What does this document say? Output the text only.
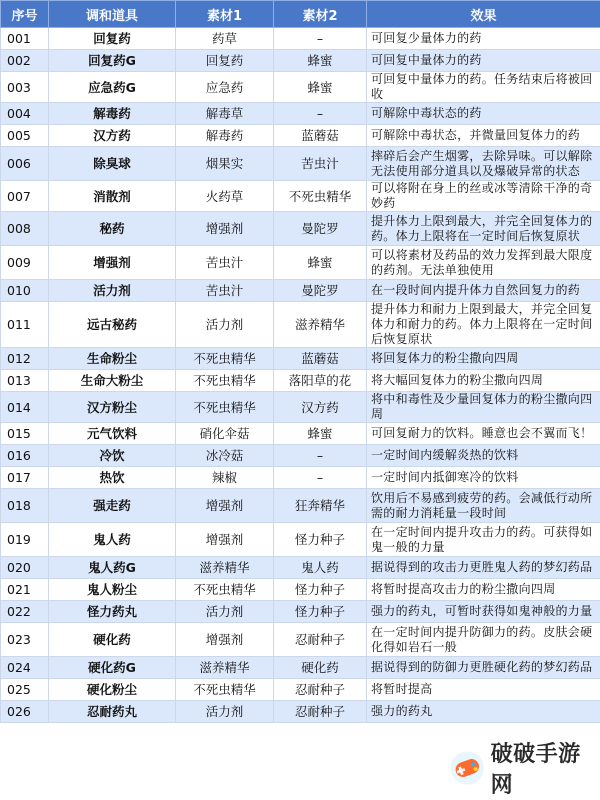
序号	调和道具	素材1	素材2	效果
001	回复药	药草	–	可回复少量体力的药
002	回复药G	回复药	蜂蜜	可回复中量体力的药
003	应急药G	应急药	蜂蜜	可回复中量体力的药。任务结束后将被回收
004	解毒药	解毒草	–	可解除中毒状态的药
005	汉方药	解毒药	蓝蘑菇	可解除中毒状态，并微量回复体力的药
006	除臭球	烟果实	苦虫汁	摔碎后会产生烟雾，去除异味。可以解除无法使用部分道具以及爆破异常的状态
007	消散剂	火药草	不死虫精华	可以将附在身上的丝或冰等清除干净的奇妙药
008	秘药	增强剂	曼陀罗	提升体力上限到最大，并完全回复体力的药。体力上限将在一定时间后恢复原状
009	增强剂	苦虫汁	蜂蜜	可以将素材及药品的效力发挥到最大限度的药剂。无法单独使用
010	活力剂	苦虫汁	曼陀罗	在一段时间内提升体力自然回复力的药
011	远古秘药	活力剂	滋养精华	提升体力和耐力上限到最大，并完全回复体力和耐力的药。体力上限将在一定时间后恢复原状
012	生命粉尘	不死虫精华	蓝蘑菇	将回复体力的粉尘撒向四周
013	生命大粉尘	不死虫精华	落阳草的花	将大幅回复体力的粉尘撒向四周
014	汉方粉尘	不死虫精华	汉方药	将中和毒性及少量回复体力的粉尘撒向四周
015	元气饮料	硝化伞菇	蜂蜜	可回复耐力的饮料。睡意也会不翼而飞！
016	冷饮	冰冷菇	–	一定时间内缓解炎热的饮料
017	热饮	辣椒	–	一定时间内抵御寒冷的饮料
018	强走药	增强剂	狂奔精华	饮用后不易感到疲劳的药。会减低行动所需的耐力消耗量一段时间
019	鬼人药	增强剂	怪力种子	在一定时间内提升攻击力的药。可获得如鬼一般的力量
020	鬼人药G	滋养精华	鬼人药	据说得到的攻击力更胜鬼人药的梦幻药品
021	鬼人粉尘	不死虫精华	怪力种子	将暂时提高攻击力的粉尘撒向四周
022	怪力药丸	活力剂	怪力种子	强力的药丸，可暂时获得如鬼神般的力量
023	硬化药	增强剂	忍耐种子	在一定时间内提升防御力的药。皮肤会硬化得如岩石一般
024	硬化药G	滋养精华	硬化药	据说得到的防御力更胜硬化药的梦幻药品
025	硬化粉尘	不死虫精华	忍耐种子	将暂时提高
026	忍耐药丸	活力剂	忍耐种子	强力的药丸
破破手游网
